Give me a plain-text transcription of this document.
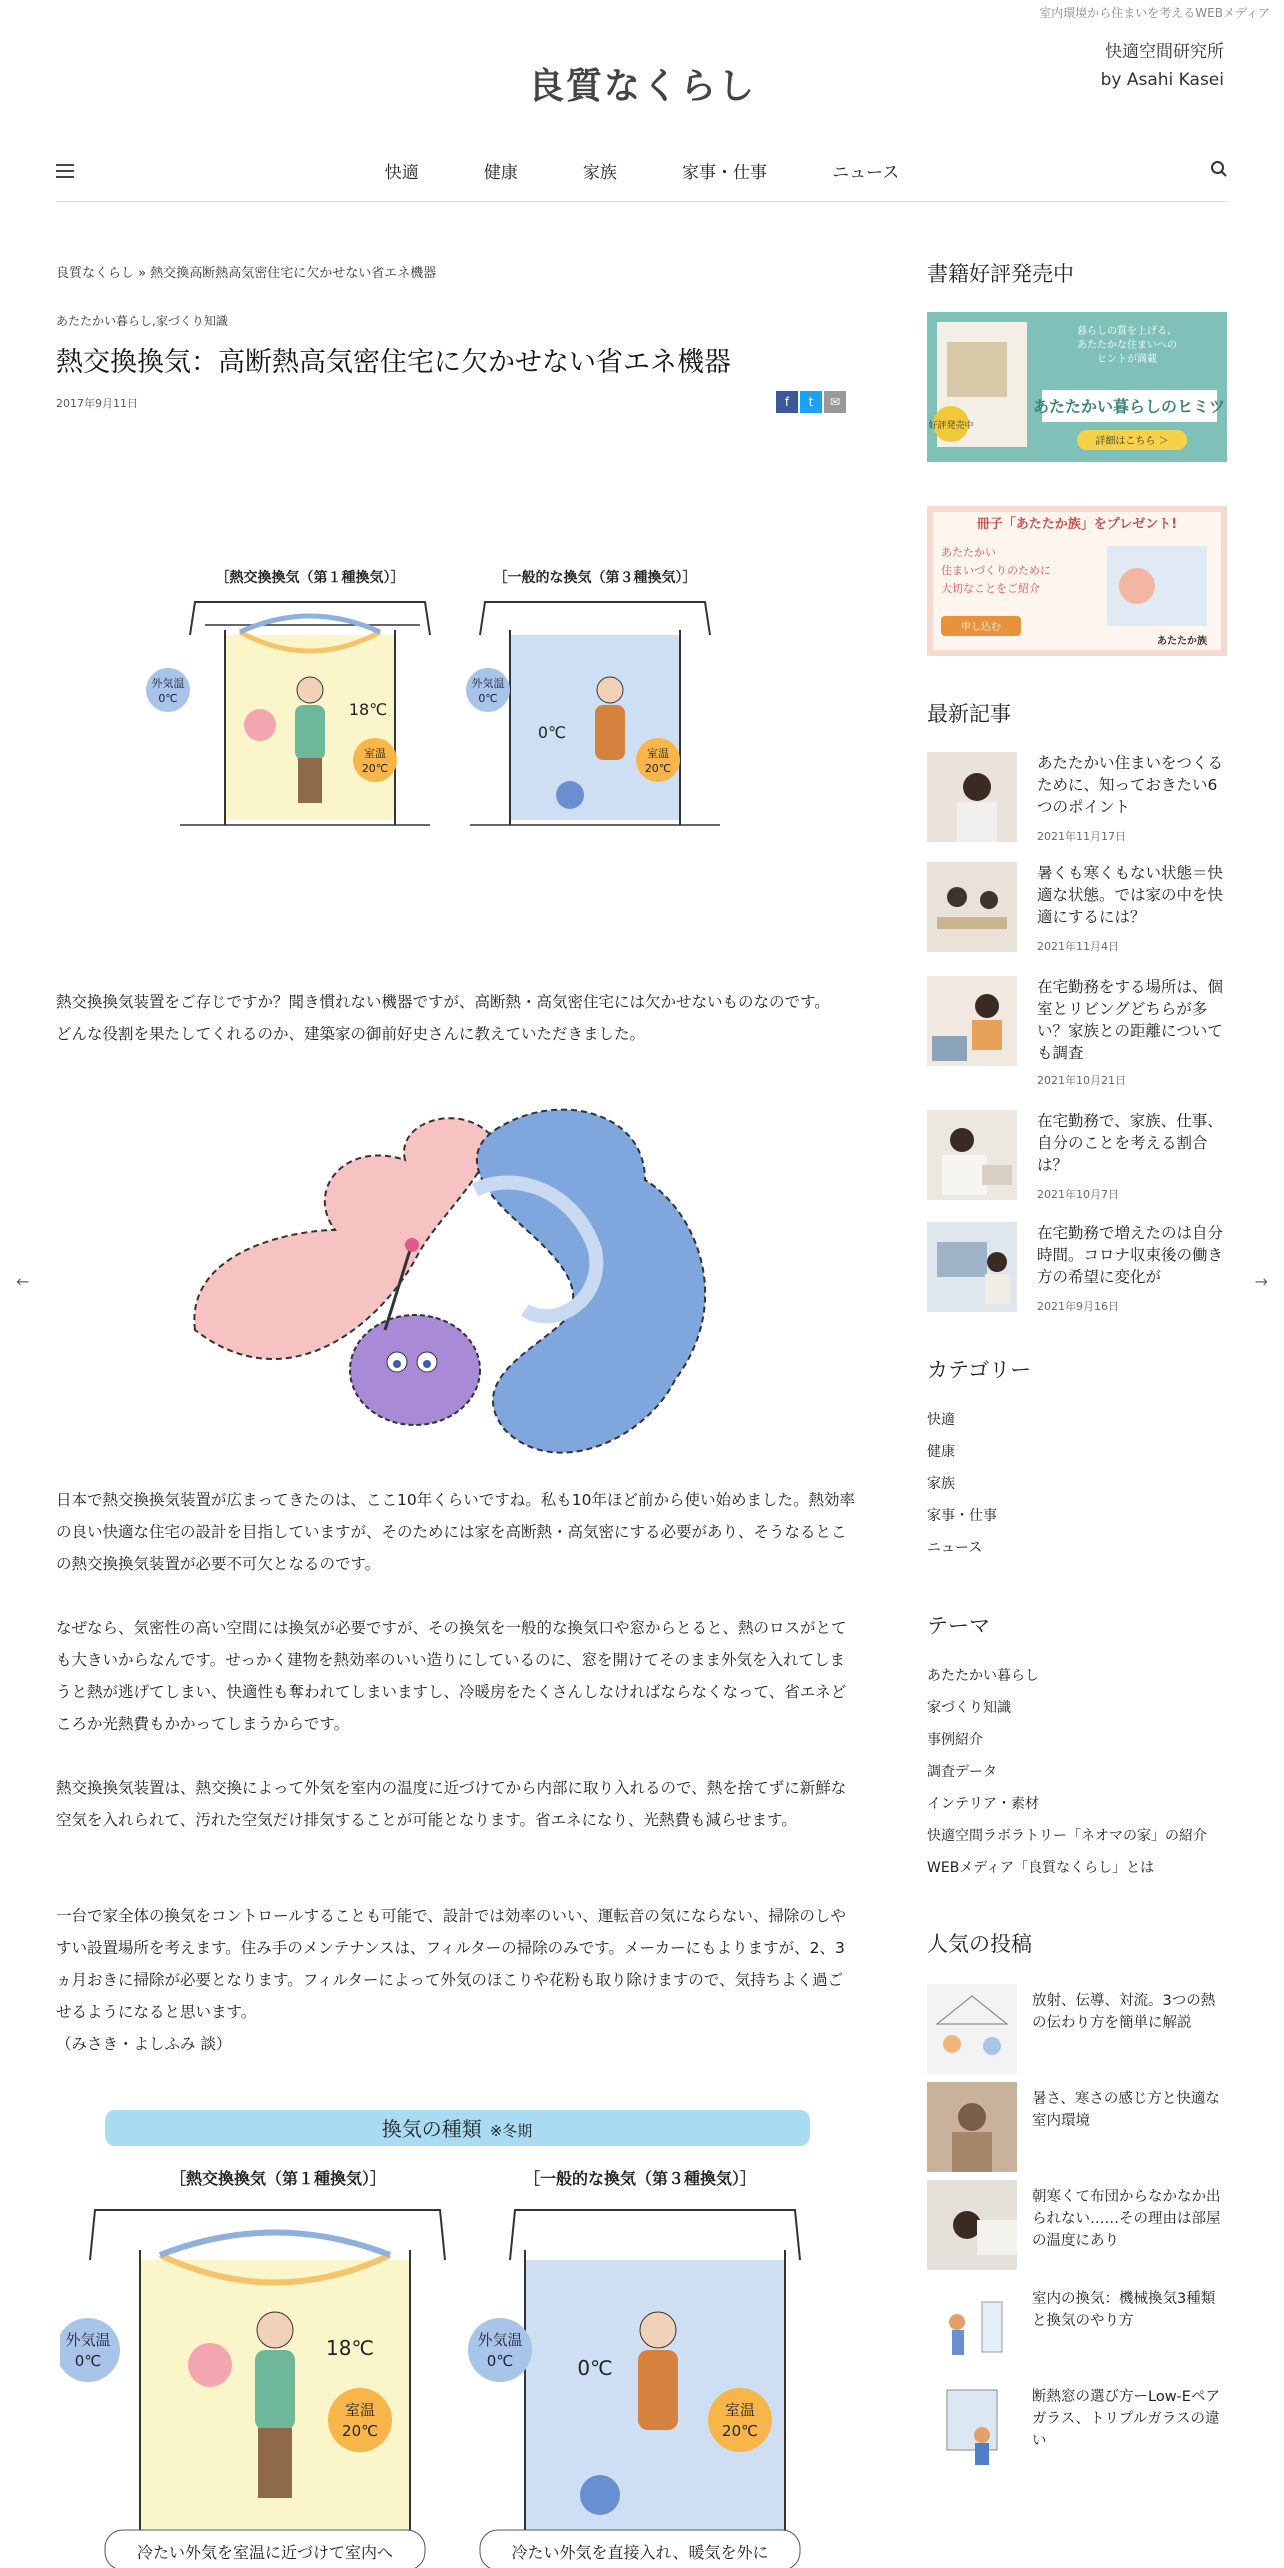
室内環境から住まいを考えるWEBメディア
良質なくらし
快適空間研究所
by Asahi Kasei
快適	健康	家族	家事・仕事	ニュース
良質なくらし » 熱交換高断熱高気密住宅に欠かせない省エネ機器
あたたかい暮らし,家づくり知識
熱交換換気：高断熱高気密住宅に欠かせない省エネ機器
2017年9月11日	f t ✉
［熱交換換気（第１種換気）］	［一般的な換気（第３種換気）］
外気温
0℃
18℃
室温
20℃
外気温
0℃
0℃
室温
20℃
熱交換換気装置をご存じですか？聞き慣れない機器ですが、高断熱・高気密住宅には欠かせないものなのです。
どんな役割を果たしてくれるのか、建築家の御前好史さんに教えていただきました。
日本で熱交換換気装置が広まってきたのは、ここ10年くらいですね。私も10年ほど前から使い始めました。熱効率の良い快適な住宅の設計を目指していますが、そのためには家を高断熱・高気密にする必要があり、そうなるとこの熱交換換気装置が必要不可欠となるのです。
なぜなら、気密性の高い空間には換気が必要ですが、その換気を一般的な換気口や窓からとると、熱のロスがとても大きいからなんです。せっかく建物を熱効率のいい造りにしているのに、窓を開けてそのまま外気を入れてしまうと熱が逃げてしまい、快適性も奪われてしまいますし、冷暖房をたくさんしなければならなくなって、省エネどころか光熱費もかかってしまうからです。
熱交換換気装置は、熱交換によって外気を室内の温度に近づけてから内部に取り入れるので、熱を捨てずに新鮮な空気を入れられて、汚れた空気だけ排気することが可能となります。省エネになり、光熱費も減らせます。
一台で家全体の換気をコントロールすることも可能で、設計では効率のいい、運転音の気にならない、掃除のしやすい設置場所を考えます。住み手のメンテナンスは、フィルターの掃除のみです。メーカーにもよりますが、2、3ヵ月おきに掃除が必要となります。フィルターによって外気のほこりや花粉も取り除けますので、気持ちよく過ごせるようになると思います。
（みさき・よしふみ 談）
換気の種類 ※冬期
［熱交換換気（第１種換気）］	［一般的な換気（第３種換気）］
外気温
0℃
18℃
室温
20℃
冷たい外気を室温に近づけて室内へ
外気温
0℃	0℃
室温
20℃
冷たい外気を直接入れ、暖気を外に
←	→
書籍好評発売中
好評発売中
暮らしの質を上げる、
あたたかな住まいへの
ヒントが満載
あたたかい暮らしのヒミツ
詳細はこちら ＞
冊子「あたたか族」をプレゼント!
あたたかい
住まいづくりのために
大切なことをご紹介
申し込む
あたたか族
最新記事
あたたかい住まいをつくるために、知っておきたい6つのポイント
2021年11月17日
暑くも寒くもない状態＝快適な状態。では家の中を快適にするには？
2021年11月4日
在宅勤務をする場所は、個室とリビングどちらが多い？家族との距離についても調査
2021年10月21日
在宅勤務で、家族、仕事、自分のことを考える割合は？
2021年10月7日
在宅勤務で増えたのは自分時間。コロナ収束後の働き方の希望に変化が
2021年9月16日
カテゴリー
快適
健康
家族
家事・仕事
ニュース
テーマ
あたたかい暮らし
家づくり知識
事例紹介
調査データ
インテリア・素材
快適空間ラボラトリー「ネオマの家」の紹介
WEBメディア「良質なくらし」とは
人気の投稿
放射、伝導、対流。3つの熱の伝わり方を簡単に解説
暑さ、寒さの感じ方と快適な室内環境
朝寒くて布団からなかなか出られない……その理由は部屋の温度にあり
室内の換気：機械換気3種類と換気のやり方
断熱窓の選び方ーLow-Eペアガラス、トリプルガラスの違い
